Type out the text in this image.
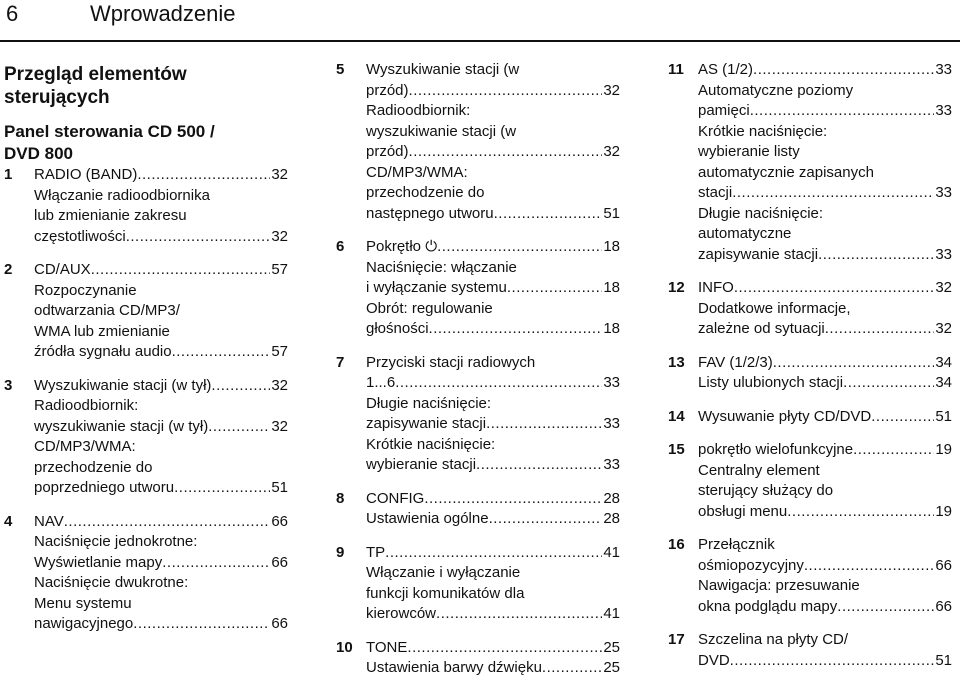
6	Wprowadzenie
Przegląd elementów
sterujących
Panel sterowania CD 500 /
DVD 800
1 RADIO (BAND) .....	32
Włączanie radioodbiornika
lub zmienianie zakresu
częstotliwości .....	32
2 CD/AUX .....	57
Rozpoczynanie
odtwarzania CD/MP3/
WMA lub zmienianie
źródła sygnału audio .....	57
3 Wyszukiwanie stacji (w tył) .....	32
Radioodbiornik:
wyszukiwanie stacji (w tył) .....	32
CD/MP3/WMA:
przechodzenie do
poprzedniego utworu .....	51
4 NAV .....	66
Naciśnięcie jednokrotne:
Wyświetlanie mapy .....	66
Naciśnięcie dwukrotne:
Menu systemu
nawigacyjnego .....	66
5 Wyszukiwanie stacji (w
przód) .....	32
Radioodbiornik:
wyszukiwanie stacji (w
przód) .....	32
CD/MP3/WMA:
przechodzenie do
następnego utworu .....	51
6 Pokrętło ⏻ .....	18
Naciśnięcie: włączanie
i wyłączanie systemu .....	18
Obrót: regulowanie
głośności .....	18
7 Przyciski stacji radiowych
1...6 .....	33
Długie naciśnięcie:
zapisywanie stacji .....	33
Krótkie naciśnięcie:
wybieranie stacji .....	33
8 CONFIG .....	28
Ustawienia ogólne .....	28
9 TP .....	41
Włączanie i wyłączanie
funkcji komunikatów dla
kierowców .....	41
10 TONE .....	25
Ustawienia barwy dźwięku .....	25
11 AS (1/2) .....	33
Automatyczne poziomy
pamięci .....	33
Krótkie naciśnięcie:
wybieranie listy
automatycznie zapisanych
stacji .....	33
Długie naciśnięcie:
automatyczne
zapisywanie stacji .....	33
12 INFO .....	32
Dodatkowe informacje,
zależne od sytuacji .....	32
13 FAV (1/2/3) .....	34
Listy ulubionych stacji .....	34
14 Wysuwanie płyty CD/DVD .....	51
15 pokrętło wielofunkcyjne .....	19
Centralny element
sterujący służący do
obsługi menu .....	19
16 Przełącznik
ośmiopozycyjny .....	66
Nawigacja: przesuwanie
okna podglądu mapy .....	66
17 Szczelina na płyty CD/
DVD .....	51
